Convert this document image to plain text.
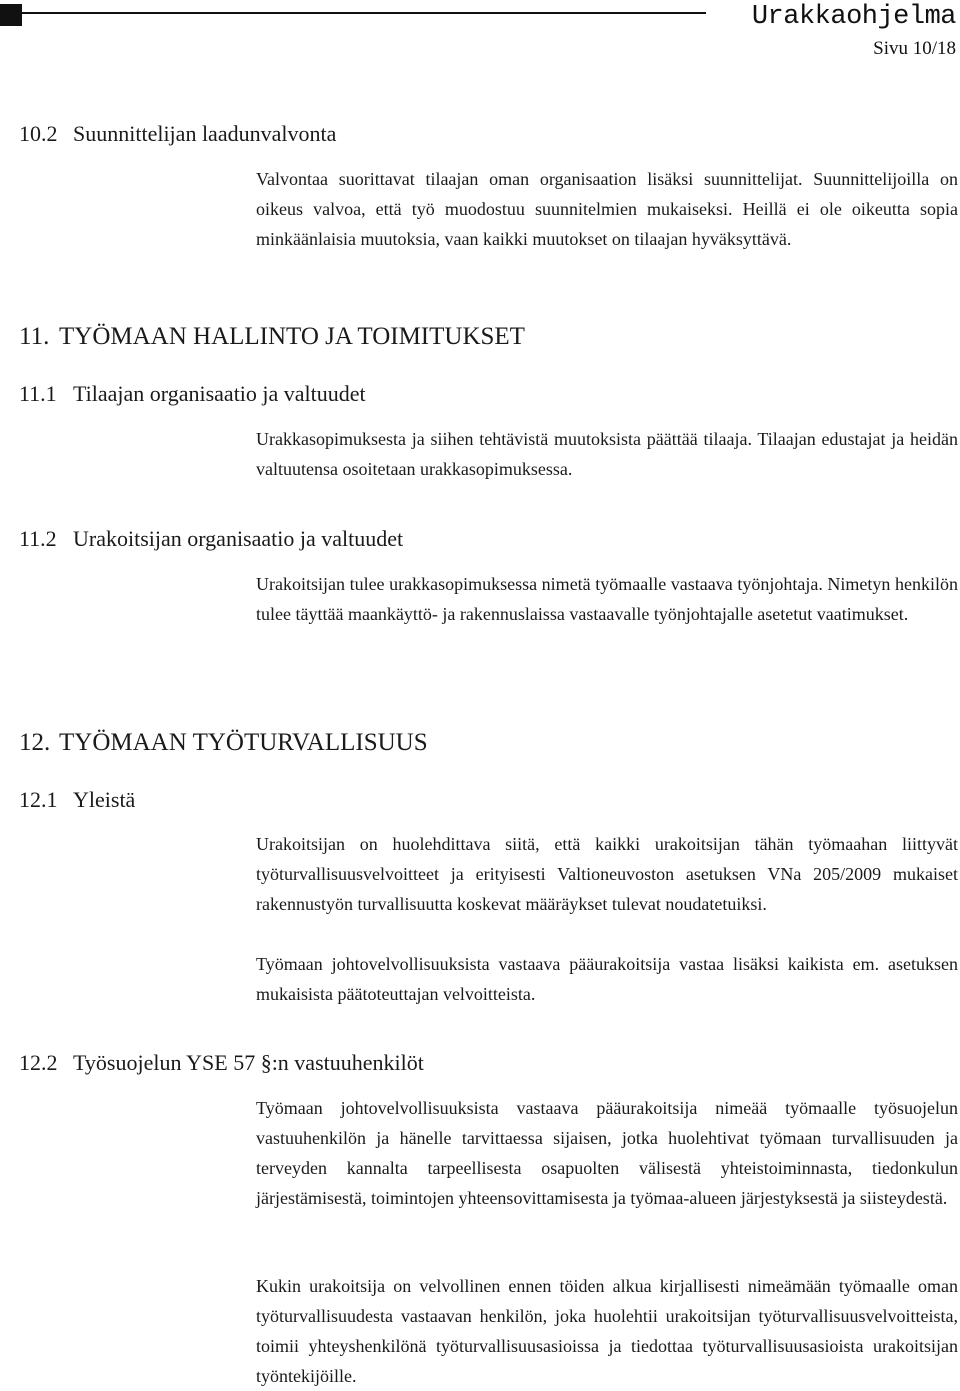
Urakkaohjelma
Sivu 10/18
10.2 Suunnittelijan laadunvalvonta

Valvontaa suorittavat tilaajan oman organisaation lisäksi suunnittelijat. Suunnittelijoilla on oikeus valvoa, että työ muodostuu suunnitelmien mukaiseksi. Heillä ei ole oikeutta sopia minkäänlaisia muutoksia, vaan kaikki muutokset on tilaajan hyväksyttävä.

11. TYÖMAAN HALLINTO JA TOIMITUKSET
11.1 Tilaajan organisaatio ja valtuudet

Urakkasopimuksesta ja siihen tehtävistä muutoksista päättää tilaaja. Tilaajan edustajat ja heidän valtuutensa osoitetaan urakkasopimuksessa.

11.2 Urakoitsijan organisaatio ja valtuudet

Urakoitsijan tulee urakkasopimuksessa nimetä työmaalle vastaava työnjohtaja. Nimetyn henkilön tulee täyttää maankäyttö- ja rakennuslaissa vastaavalle työnjohtajalle asetetut vaatimukset.

12. TYÖMAAN TYÖTURVALLISUUS
12.1 Yleistä

Urakoitsijan on huolehdittava siitä, että kaikki urakoitsijan tähän työmaahan liittyvät työturvallisuusvelvoitteet ja erityisesti Valtioneuvoston asetuksen VNa 205/2009 mukaiset rakennustyön turvallisuutta koskevat määräykset tulevat noudatetuiksi.

Työmaan johtovelvollisuuksista vastaava pääurakoitsija vastaa lisäksi kaikista em. asetuksen mukaisista päätoteuttajan velvoitteista.

12.2 Työsuojelun YSE 57 §:n vastuuhenkilöt

Työmaan johtovelvollisuuksista vastaava pääurakoitsija nimeää työmaalle työsuojelun vastuuhenkilön ja hänelle tarvittaessa sijaisen, jotka huolehtivat työmaan turvallisuuden ja terveyden kannalta tarpeellisesta osapuolten välisestä yhteistoiminnasta, tiedonkulun järjestämisestä, toimintojen yhteensovittamisesta ja työmaa-alueen järjestyksestä ja siisteydestä.

Kukin urakoitsija on velvollinen ennen töiden alkua kirjallisesti nimeämään työmaalle oman työturvallisuudesta vastaavan henkilön, joka huolehtii urakoitsijan työturvallisuusvelvoitteista, toimii yhteyshenkilönä työturvallisuusasioissa ja tiedottaa työturvallisuusasioista urakoitsijan työntekijöille.
